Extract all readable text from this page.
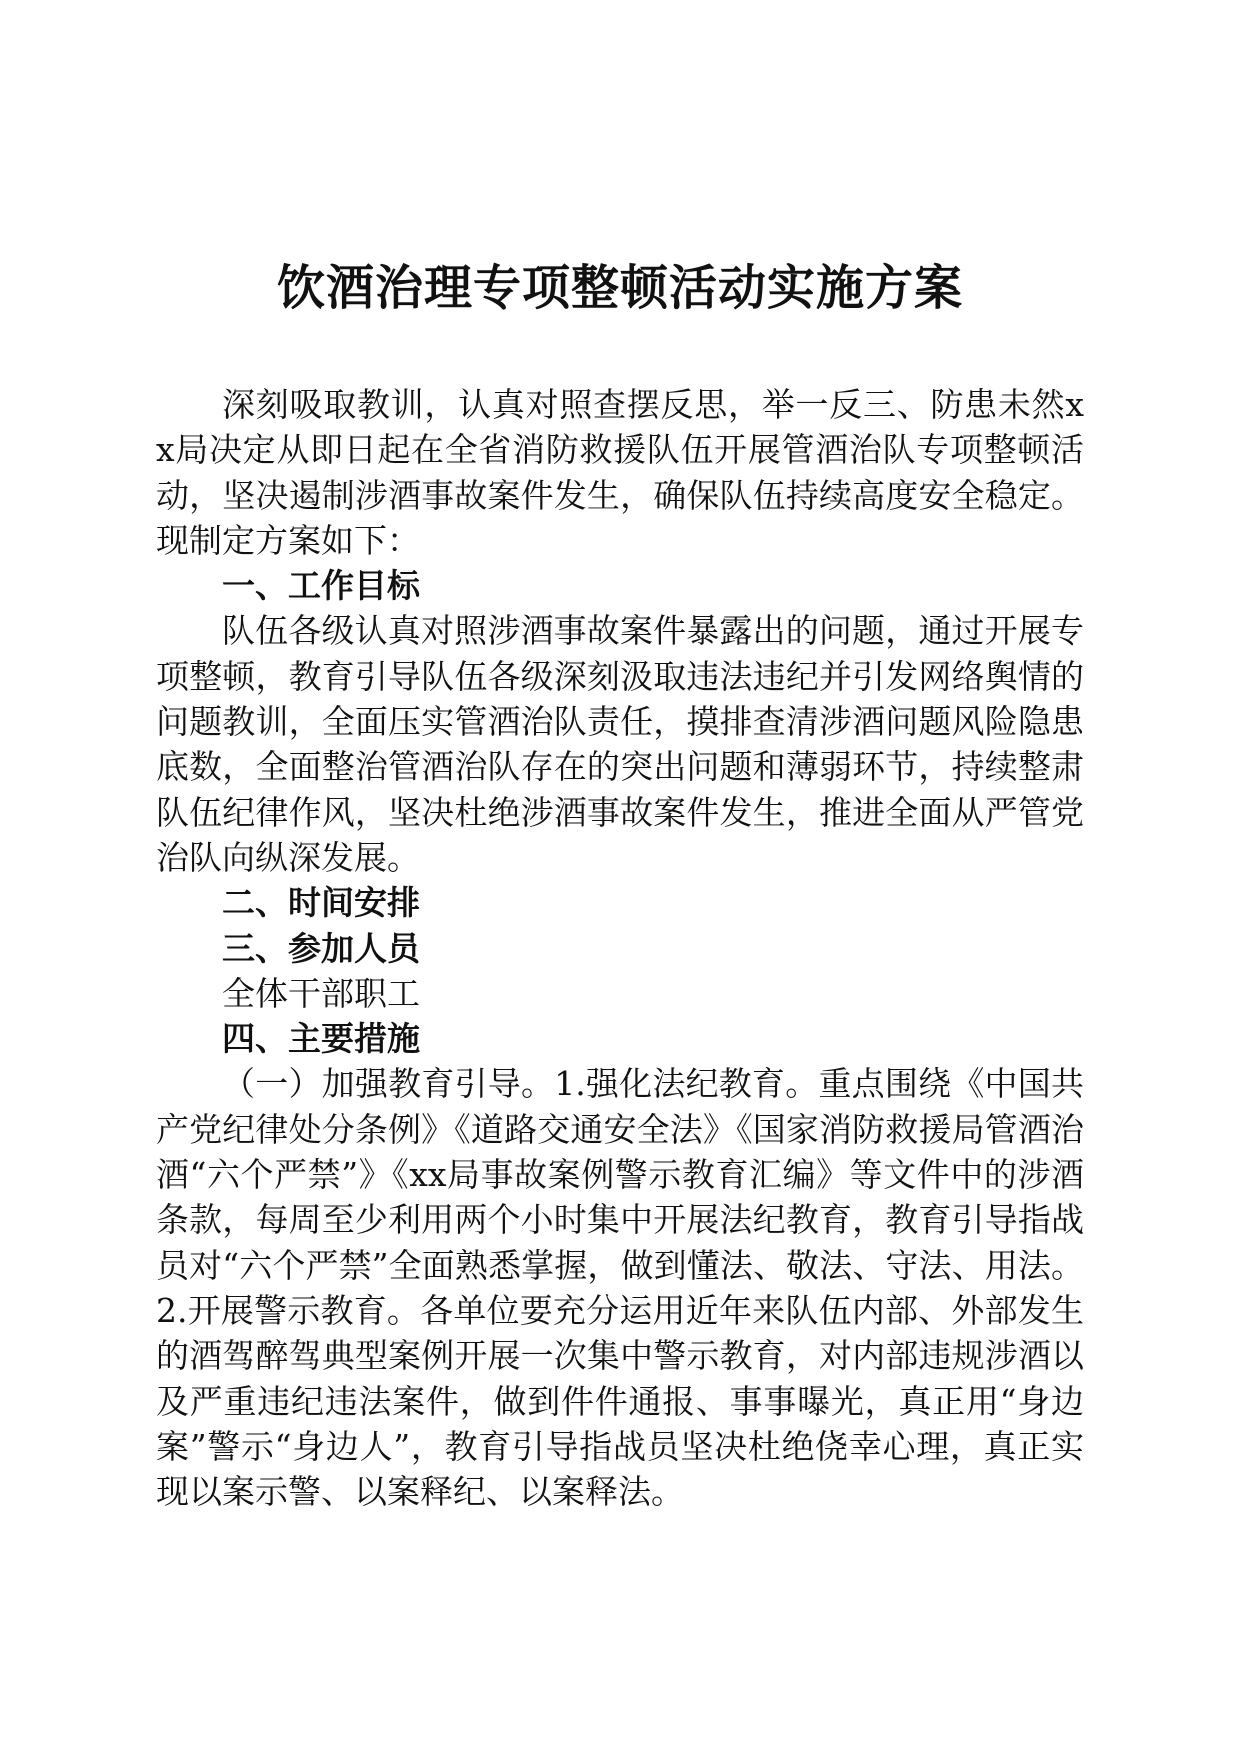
饮酒治理专项整顿活动实施方案

深刻吸取教训，认真对照查摆反思，举一反三、防患未然xx局决定从即日起在全省消防救援队伍开展管酒治队专项整顿活动，坚决遏制涉酒事故案件发生，确保队伍持续高度安全稳定。现制定方案如下：

一、工作目标

队伍各级认真对照涉酒事故案件暴露出的问题，通过开展专项整顿，教育引导队伍各级深刻汲取违法违纪并引发网络舆情的问题教训，全面压实管酒治队责任，摸排查清涉酒问题风险隐患底数，全面整治管酒治队存在的突出问题和薄弱环节，持续整肃队伍纪律作风，坚决杜绝涉酒事故案件发生，推进全面从严管党治队向纵深发展。

二、时间安排

三、参加人员

全体干部职工

四、主要措施

（一）加强教育引导。1.强化法纪教育。重点围绕《中国共产党纪律处分条例》《道路交通安全法》《国家消防救援局管酒治酒“六个严禁”》《xx局事故案例警示教育汇编》等文件中的涉酒条款，每周至少利用两个小时集中开展法纪教育，教育引导指战员对“六个严禁”全面熟悉掌握，做到懂法、敬法、守法、用法。2.开展警示教育。各单位要充分运用近年来队伍内部、外部发生的酒驾醉驾典型案例开展一次集中警示教育，对内部违规涉酒以及严重违纪违法案件，做到件件通报、事事曝光，真正用“身边案”警示“身边人”，教育引导指战员坚决杜绝侥幸心理，真正实现以案示警、以案释纪、以案释法。
